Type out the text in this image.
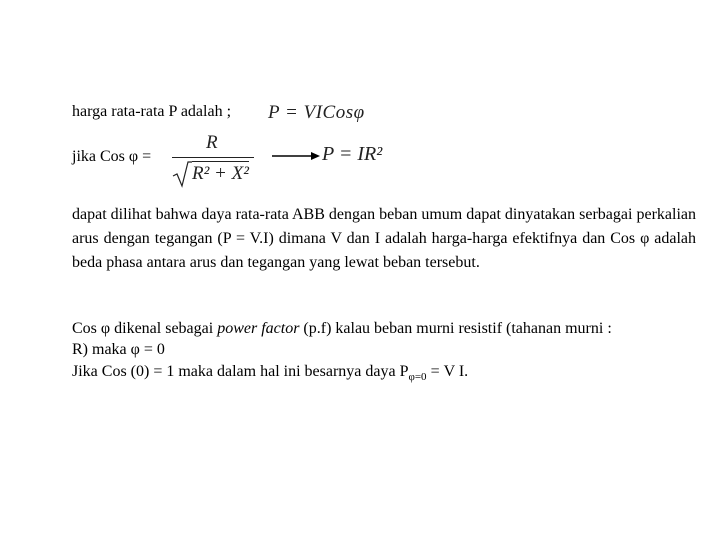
harga rata-rata P adalah ; P = VICosφ
jika Cos φ =
R
R² + X²
P = IR²
dapat dilihat bahwa daya rata-rata ABB dengan beban umum dapat dinyatakan serbagai perkalian arus dengan tegangan (P = V.I) dimana V dan I adalah harga-harga efektifnya dan Cos φ adalah beda phasa antara arus dan tegangan yang lewat beban tersebut.
Cos φ dikenal sebagai power factor (p.f) kalau beban murni resistif (tahanan murni :
R) maka φ = 0
Jika Cos (0) = 1 maka dalam hal ini besarnya daya $P_{\varphi=0} = V$ I.
